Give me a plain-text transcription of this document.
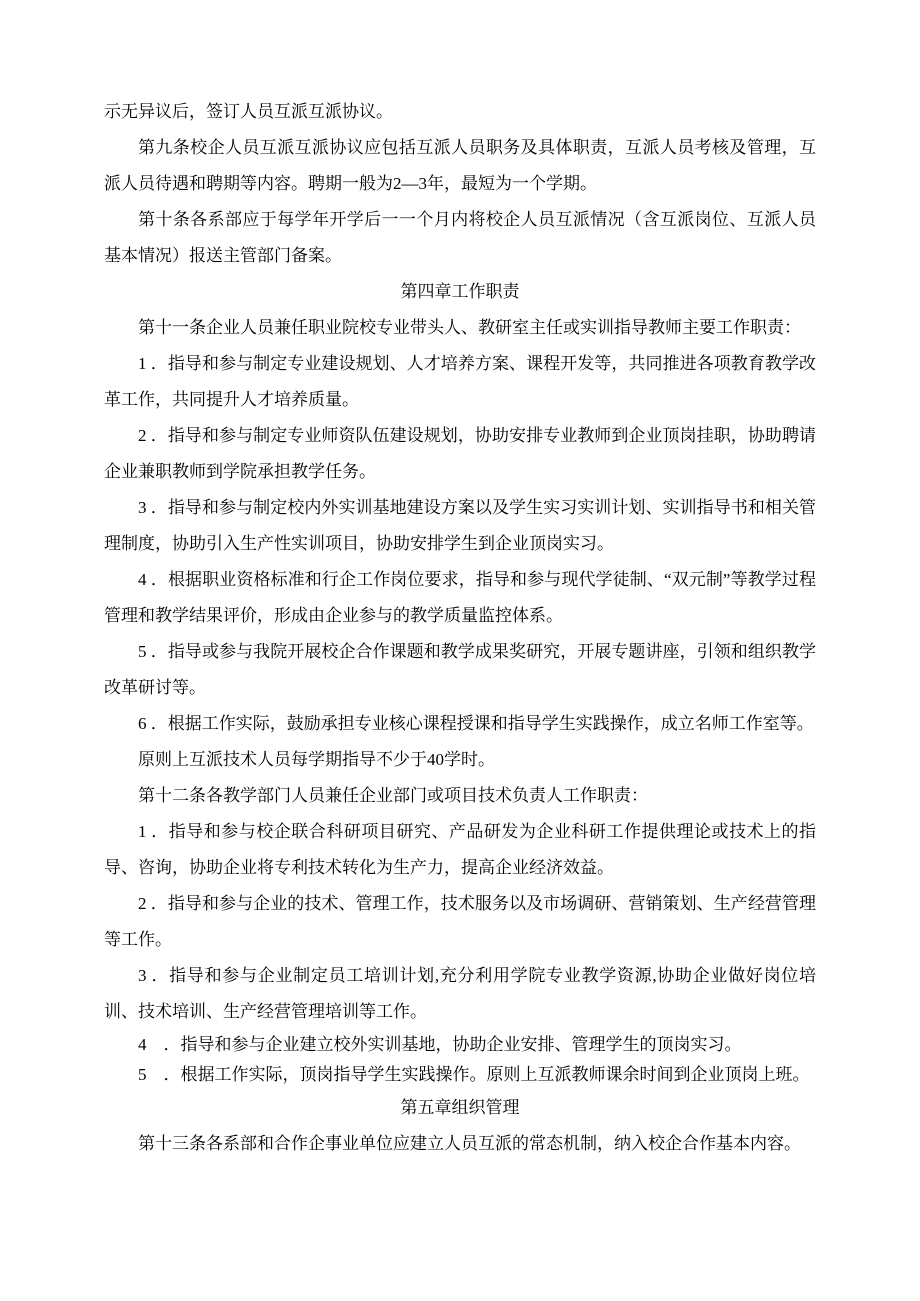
示无异议后，签订人员互派互派协议。

第九条校企人员互派互派协议应包括互派人员职务及具体职责，互派人员考核及管理，互派人员待遇和聘期等内容。聘期一般为2—3年，最短为一个学期。

第十条各系部应于每学年开学后一一个月内将校企人员互派情况（含互派岗位、互派人员基本情况）报送主管部门备案。

第四章工作职责

第十一条企业人员兼任职业院校专业带头人、教研室主任或实训指导教师主要工作职责：

1 ．指导和参与制定专业建设规划、人才培养方案、课程开发等，共同推进各项教育教学改革工作，共同提升人才培养质量。

2 ．指导和参与制定专业师资队伍建设规划，协助安排专业教师到企业顶岗挂职，协助聘请企业兼职教师到学院承担教学任务。

3 ．指导和参与制定校内外实训基地建设方案以及学生实习实训计划、实训指导书和相关管理制度，协助引入生产性实训项目，协助安排学生到企业顶岗实习。

4 ．根据职业资格标准和行企工作岗位要求，指导和参与现代学徒制、“双元制”等教学过程管理和教学结果评价，形成由企业参与的教学质量监控体系。

5 ．指导或参与我院开展校企合作课题和教学成果奖研究，开展专题讲座，引领和组织教学改革研讨等。

6 ．根据工作实际，鼓励承担专业核心课程授课和指导学生实践操作，成立名师工作室等。

原则上互派技术人员每学期指导不少于40学时。

第十二条各教学部门人员兼任企业部门或项目技术负责人工作职责：

1 ．指导和参与校企联合科研项目研究、产品研发为企业科研工作提供理论或技术上的指导、咨询，协助企业将专利技术转化为生产力，提高企业经济效益。

2 ．指导和参与企业的技术、管理工作，技术服务以及市场调研、营销策划、生产经营管理等工作。

3 ．指导和参与企业制定员工培训计划,充分利用学院专业教学资源,协助企业做好岗位培训、技术培训、生产经营管理培训等工作。

4　．指导和参与企业建立校外实训基地，协助企业安排、管理学生的顶岗实习。

5　．根据工作实际，顶岗指导学生实践操作。原则上互派教师课余时间到企业顶岗上班。

第五章组织管理

第十三条各系部和合作企事业单位应建立人员互派的常态机制，纳入校企合作基本内容。
